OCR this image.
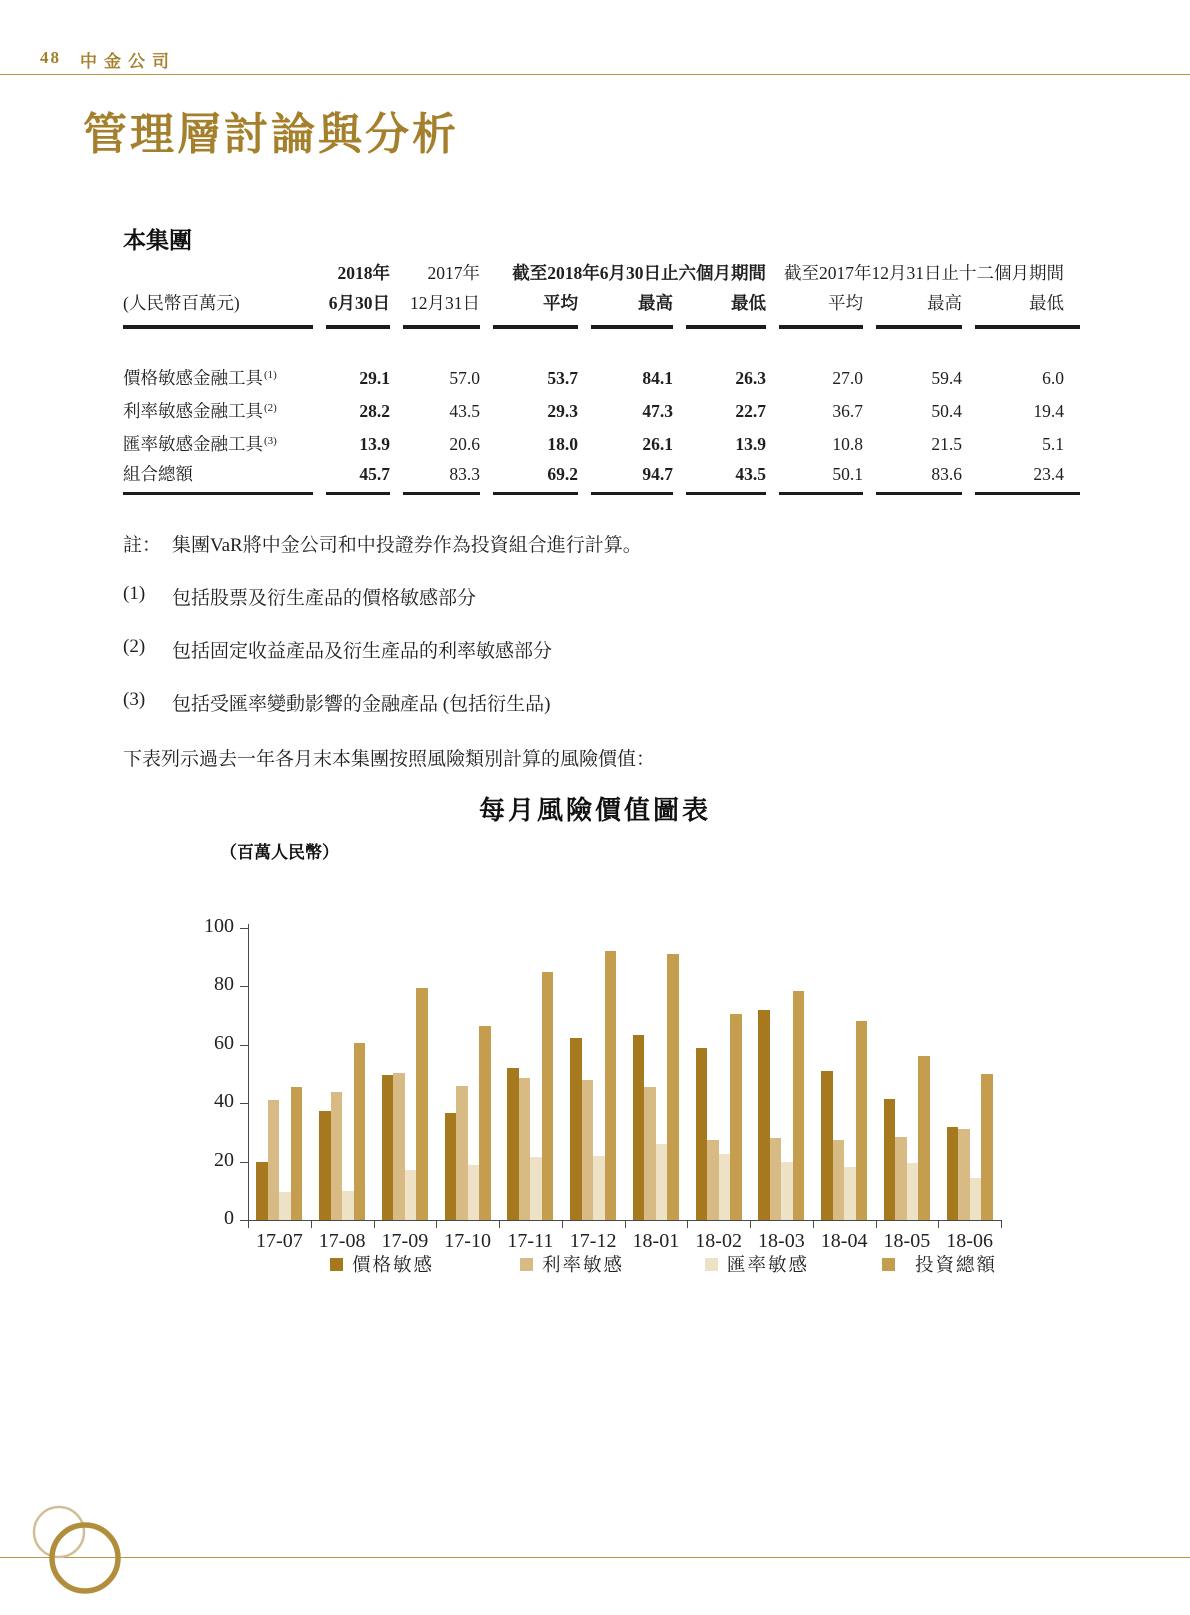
48 中金公司
管理層討論與分析
本集團
2018年	2017年	截至2018年6月30日止六個月期間	截至2017年12月31日止十二個月期間
(人民幣百萬元)	6月30日	12月31日	平均	最高	最低	平均	最高	最低
價格敏感金融工具$^{(1)}$	29.1	57.0	53.7	84.1	26.3	27.0	59.4	6.0
利率敏感金融工具$^{(2)}$	28.2	43.5	29.3	47.3	22.7	36.7	50.4	19.4
匯率敏感金融工具$^{(3)}$	13.9	20.6	18.0	26.1	13.9	10.8	21.5	5.1
組合總額	45.7	83.3	69.2	94.7	43.5	50.1	83.6	23.4
註： 集團VaR將中金公司和中投證券作為投資組合進行計算。
(1) 包括股票及衍生產品的價格敏感部分
(2) 包括固定收益產品及衍生產品的利率敏感部分
(3) 包括受匯率變動影響的金融產品 (包括衍生品)
下表列示過去一年各月末本集團按照風險類別計算的風險價值：
每月風險價值圖表
（百萬人民幣）
0
20
40
60
80
100
17-07 17-08 17-09 17-10 17-11 17-12 18-01 18-02 18-03 18-04 18-05 18-06
價格敏感	利率敏感	匯率敏感	投資總額
